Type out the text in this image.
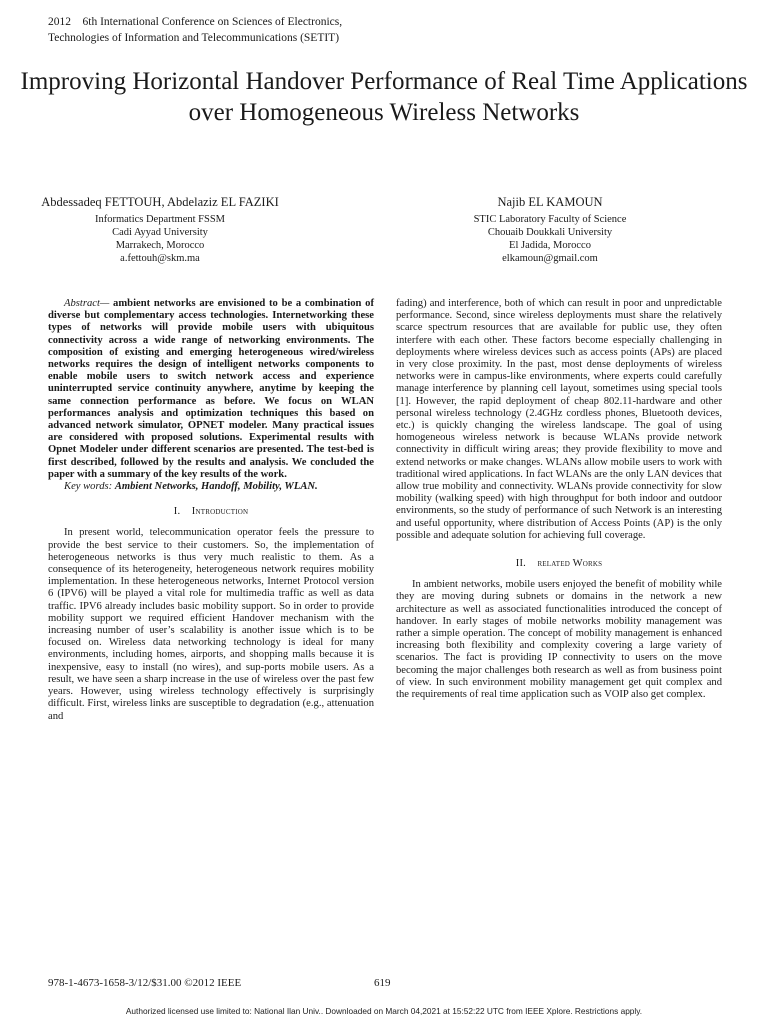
2012    6th International Conference on Sciences of Electronics,
Technologies of Information and Telecommunications (SETIT)
Improving Horizontal Handover Performance of Real Time Applications over Homogeneous Wireless Networks
Abdessadeq FETTOUH, Abdelaziz EL FAZIKI
Informatics Department FSSM
Cadi Ayyad University
Marrakech, Morocco
a.fettouh@skm.ma
Najib EL KAMOUN
STIC Laboratory Faculty of Science
Chouaib Doukkali University
El Jadida, Morocco
elkamoun@gmail.com

Abstract— ambient networks are envisioned to be a combination of diverse but complementary access technologies. Internetworking these types of networks will provide mobile users with ubiquitous connectivity across a wide range of networking environments. The composition of existing and emerging heterogeneous wired/wireless networks requires the design of intelligent networks components to enable mobile users to switch network access and experience uninterrupted service continuity anywhere, anytime by keeping the same connection performance as before. We focus on WLAN performances analysis and optimization techniques this based on advanced network simulator, OPNET modeler. Many practical issues are considered with proposed solutions. Experimental results with Opnet Modeler under different scenarios are presented. The test-bed is first described, followed by the results and analysis. We concluded the paper with a summary of the key results of the work.

Key words: Ambient Networks, Handoff, Mobility, WLAN.

I. Introduction

In present world, telecommunication operator feels the pressure to provide the best service to their customers. So, the implementation of heterogeneous networks is thus very much realistic to them. As a consequence of its heterogeneity, heterogeneous network requires mobility implementation. In these heterogeneous networks, Internet Protocol version 6 (IPV6) will be played a vital role for multimedia traffic as well as data traffic. IPV6 already includes basic mobility support. So in order to provide mobility support we required efficient Handover mechanism with the increasing number of user’s scalability is another issue which is to be focused on. Wireless data networking technology is ideal for many environments, including homes, airports, and shopping malls because it is inexpensive, easy to install (no wires), and sup-ports mobile users. As a result, we have seen a sharp increase in the use of wireless over the past few years. However, using wireless technology effectively is surprisingly difficult. First, wireless links are susceptible to degradation (e.g., attenuation and

fading) and interference, both of which can result in poor and unpredictable performance. Second, since wireless deployments must share the relatively scarce spectrum resources that are available for public use, they often interfere with each other. These factors become especially challenging in deployments where wireless devices such as access points (APs) are placed in very close proximity. In the past, most dense deployments of wireless networks were in campus-like environments, where experts could carefully manage interference by planning cell layout, sometimes using special tools [1]. However, the rapid deployment of cheap 802.11-hardware and other personal wireless technology (2.4GHz cordless phones, Bluetooth devices, etc.) is quickly changing the wireless landscape. The goal of using homogeneous wireless network is because WLANs provide network connectivity in difficult wiring areas; they provide flexibility to move and extend networks or make changes. WLANs allow mobile users to work with traditional wired applications. In fact WLANs are the only LAN devices that allow true mobility and connectivity. WLANs provide connectivity for slow mobility (walking speed) with high throughput for both indoor and outdoor environments, so the study of performance of such Network is an interesting and useful opportunity, where distribution of Access Points (AP) is the only possible and adequate solution for achieving full coverage.

II. related Works

In ambient networks, mobile users enjoyed the benefit of mobility while they are moving during subnets or domains in the network a new architecture as well as associated functionalities introduced the concept of handover. In early stages of mobile networks mobility management was rather a simple operation. The concept of mobility management is enhanced increasing both flexibility and complexity covering a large variety of scenarios. The fact is providing IP connectivity to users on the move becoming the major challenges both research as well as from business point of view. In such environment mobility management get quit complex and the requirements of real time application such as VOIP also get complex.

978-1-4673-1658-3/12/$31.00 ©2012 IEEE	619
Authorized licensed use limited to: National Ilan Univ.. Downloaded on March 04,2021 at 15:52:22 UTC from IEEE Xplore. Restrictions apply.
